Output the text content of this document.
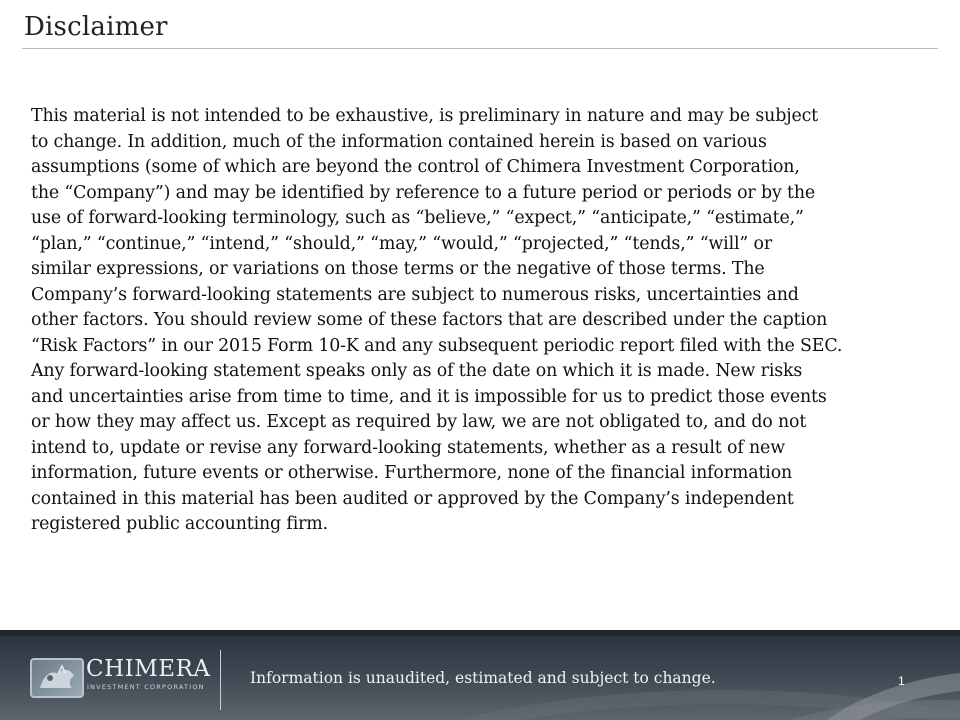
Disclaimer
This material is not intended to be exhaustive, is preliminary in nature and may be subject
to change. In addition, much of the information contained herein is based on various
assumptions (some of which are beyond the control of Chimera Investment Corporation,
the “Company”) and may be identified by reference to a future period or periods or by the
use of forward-looking terminology, such as “believe,” “expect,” “anticipate,” “estimate,”
“plan,” “continue,” “intend,” “should,” “may,” “would,” “projected,” “tends,” “will” or
similar expressions, or variations on those terms or the negative of those terms. The
Company’s forward-looking statements are subject to numerous risks, uncertainties and
other factors. You should review some of these factors that are described under the caption
“Risk Factors” in our 2015 Form 10-K and any subsequent periodic report filed with the SEC.
Any forward-looking statement speaks only as of the date on which it is made. New risks
and uncertainties arise from time to time, and it is impossible for us to predict those events
or how they may affect us. Except as required by law, we are not obligated to, and do not
intend to, update or revise any forward-looking statements, whether as a result of new
information, future events or otherwise. Furthermore, none of the financial information
contained in this material has been audited or approved by the Company’s independent
registered public accounting firm.
CHIMERA
INVESTMENT CORPORATION	Information is unaudited, estimated and subject to change.	1
